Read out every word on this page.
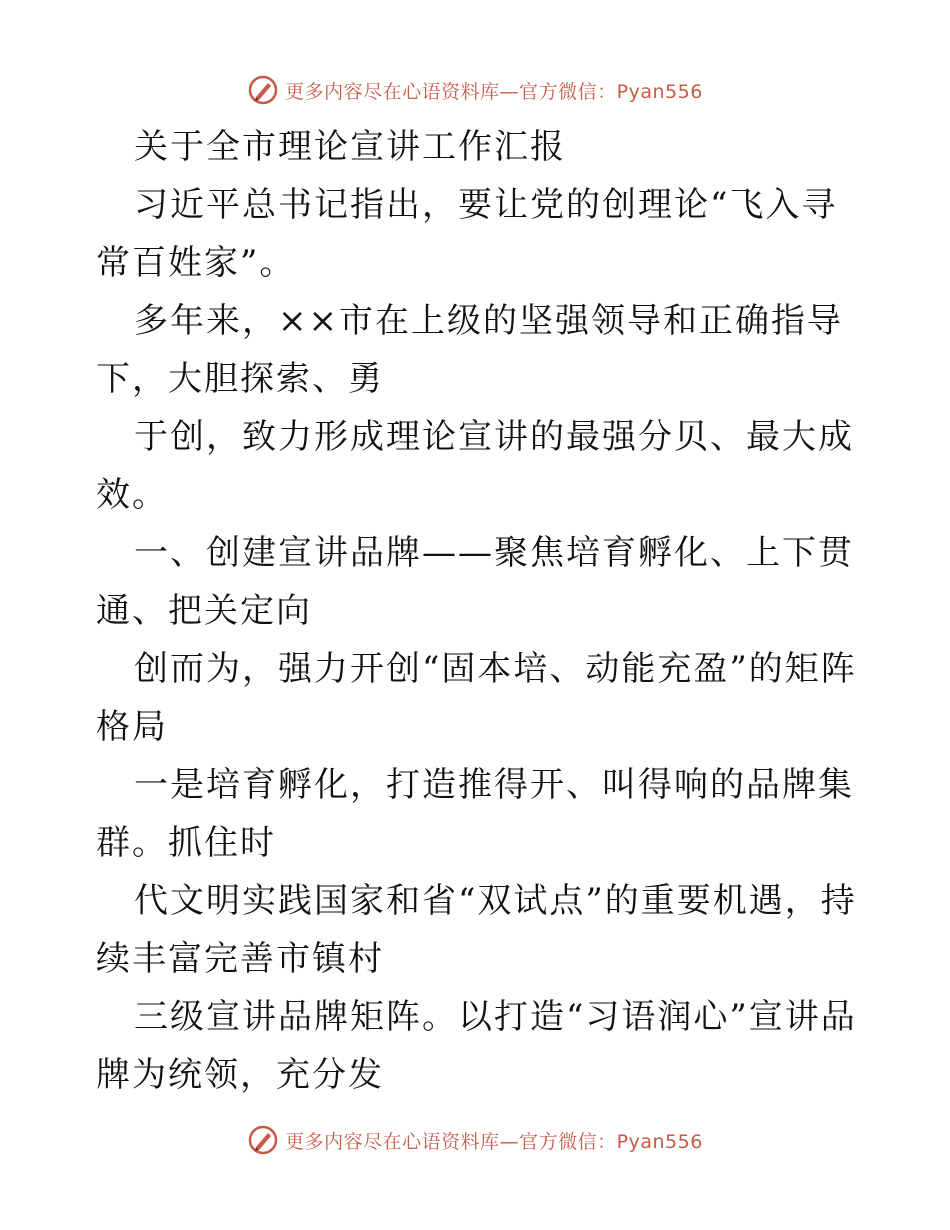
更多内容尽在心语资料库—官方微信：Pyan556

关于全市理论宣讲工作汇报

习近平总书记指出，要让党的创理论“飞入寻常百姓家”。

多年来，××市在上级的坚强领导和正确指导下，大胆探索、勇

于创，致力形成理论宣讲的最强分贝、最大成效。

一、创建宣讲品牌——聚焦培育孵化、上下贯通、把关定向

创而为，强力开创“固本培、动能充盈”的矩阵格局

一是培育孵化，打造推得开、叫得响的品牌集群。抓住时

代文明实践国家和省“双试点”的重要机遇，持续丰富完善市镇村

三级宣讲品牌矩阵。以打造“习语润心”宣讲品牌为统领，充分发

更多内容尽在心语资料库—官方微信：Pyan556
